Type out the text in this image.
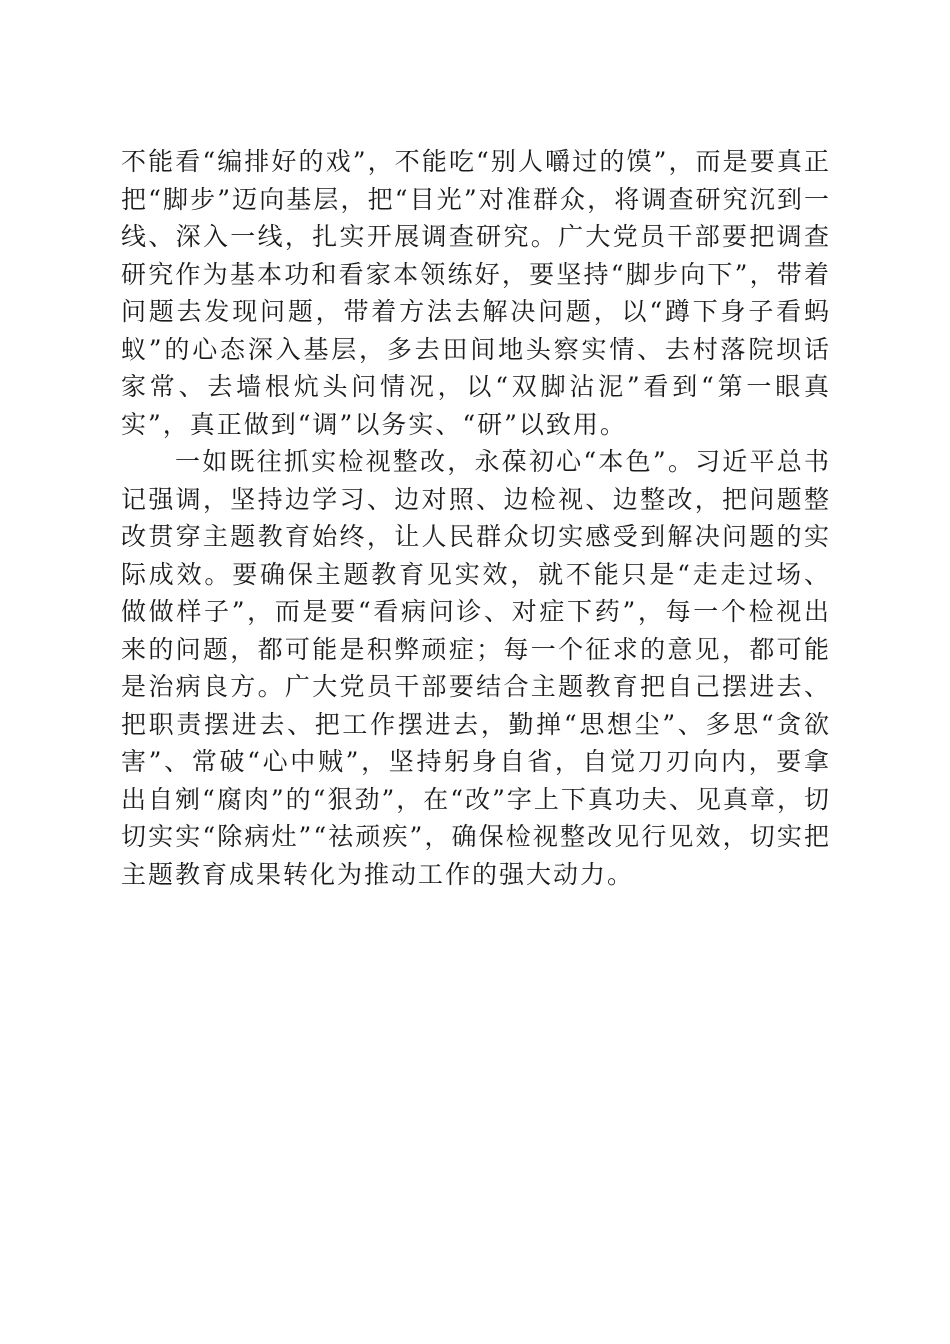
不能看“编排好的戏”，不能吃“别人嚼过的馍”，而是要真正把“脚步”迈向基层，把“目光”对准群众，将调查研究沉到一线、深入一线，扎实开展调查研究。广大党员干部要把调查研究作为基本功和看家本领练好，要坚持“脚步向下”，带着问题去发现问题，带着方法去解决问题，以“蹲下身子看蚂蚁”的心态深入基层，多去田间地头察实情、去村落院坝话家常、去墙根炕头问情况，以“双脚沾泥”看到“第一眼真实”，真正做到“调”以务实、“研”以致用。

一如既往抓实检视整改，永葆初心“本色”。习近平总书记强调，坚持边学习、边对照、边检视、边整改，把问题整改贯穿主题教育始终，让人民群众切实感受到解决问题的实际成效。要确保主题教育见实效，就不能只是“走走过场、做做样子”，而是要“看病问诊、对症下药”，每一个检视出来的问题，都可能是积弊顽症；每一个征求的意见，都可能是治病良方。广大党员干部要结合主题教育把自己摆进去、把职责摆进去、把工作摆进去，勤掸“思想尘”、多思“贪欲害”、常破“心中贼”，坚持躬身自省，自觉刀刃向内，要拿出自剜“腐肉”的“狠劲”，在“改”字上下真功夫、见真章，切切实实“除病灶”“祛顽疾”，确保检视整改见行见效，切实把主题教育成果转化为推动工作的强大动力。
